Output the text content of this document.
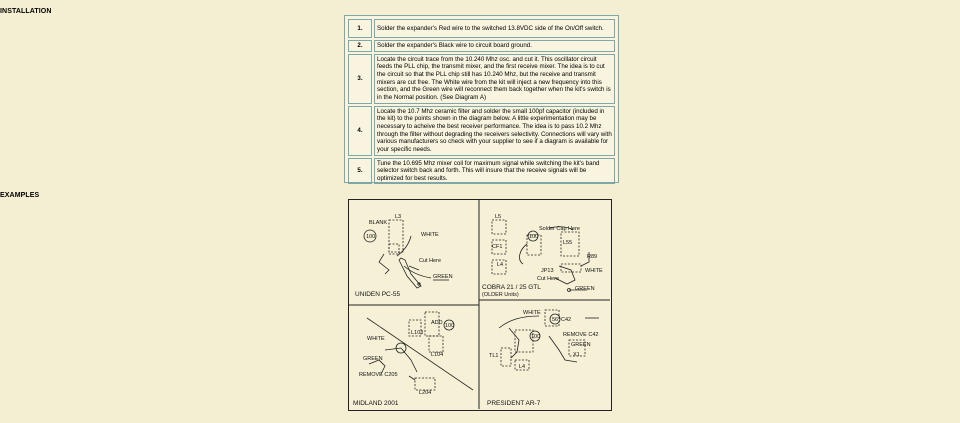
INSTALLATION
EXAMPLES
1.	Solder the expander's Red wire to the switched 13.8VDC side of the On/Off switch.
2.	Solder the expander's Black wire to circuit board ground.
3.	Locate the circuit trace from the 10.240 Mhz osc. and cut it. This oscillator circuit feeds the PLL chip, the transmit mixer, and the first receive mixer. The idea is to cut the circuit so that the PLL chip still has 10.240 Mhz, but the receive and transmit mixers are cut free. The White wire from the kit will inject a new frequency into this section, and the Green wire will reconnect them back together when the kit's switch is in the Normal position. (See Diagram A)
4.	Locate the 10.7 Mhz ceramic filter and solder the small 100pf capacitor (included in the kit) to the points shown in the diagram below. A little experimentation may be necessary to acheive the best receiver performance. The idea is to pass 10.2 Mhz through the filter without degrading the receivers selectivity. Connections will vary with various manufacturers so check with your supplier to see if a diagram is available for your specific needs.
5.	Tune the 10.695 Mhz mixer coil for maximum signal while switching the kit's band selector switch back and forth. This will insure that the receive signals will be optimized for best results.
BLANK
L3
100	WHITE
Cut Here
GREEN
UNIDEN PC-55
L5
Solder Cap Here
CF1
L4
L55
100
R89
JP13
Cut Here
WHITE
GREEN
COBRA 21 / 25 GTL
(OLDER Units)
ADD 100
L103
L104
WHITE
GREEN
REMOVE C205
L204
MIDLAND 2001
WHITE
56 C42
100	REMOVE C42
GREEN
X1
TL1
L4
PRESIDENT AR-7
